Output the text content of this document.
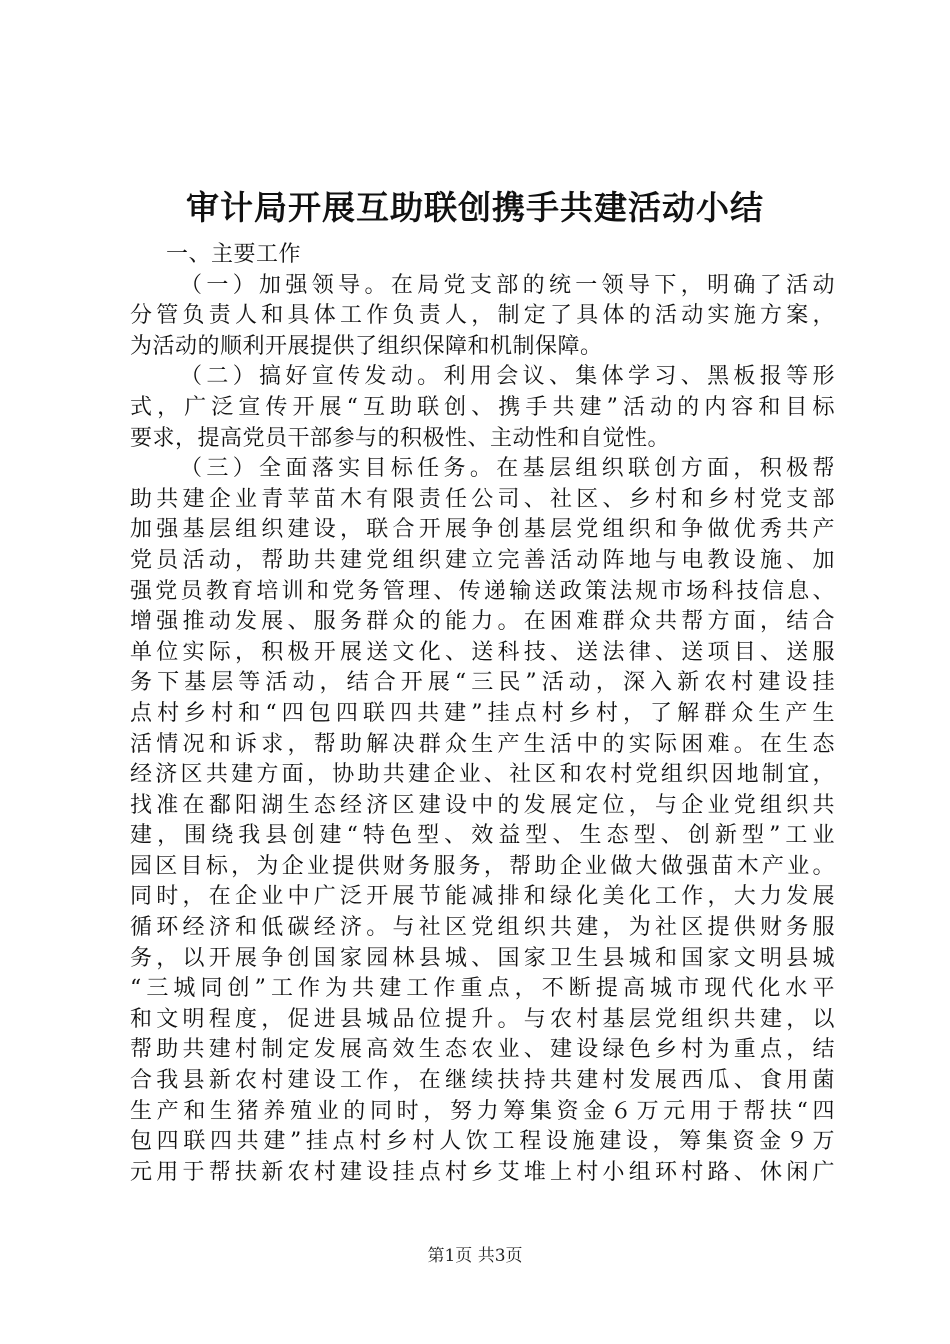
审计局开展互助联创携手共建活动小结
一、主要工作
（一）加强领导。在局党支部的统一领导下，明确了活动
分管负责人和具体工作负责人，制定了具体的活动实施方案，
为活动的顺利开展提供了组织保障和机制保障。
（二）搞好宣传发动。利用会议、集体学习、黑板报等形
式，广泛宣传开展“互助联创、携手共建”活动的内容和目标
要求，提高党员干部参与的积极性、主动性和自觉性。
（三）全面落实目标任务。在基层组织联创方面，积极帮
助共建企业青苹苗木有限责任公司、社区、乡村和乡村党支部
加强基层组织建设，联合开展争创基层党组织和争做优秀共产
党员活动，帮助共建党组织建立完善活动阵地与电教设施、加
强党员教育培训和党务管理、传递输送政策法规市场科技信息、
增强推动发展、服务群众的能力。在困难群众共帮方面，结合
单位实际，积极开展送文化、送科技、送法律、送项目、送服
务下基层等活动，结合开展“三民”活动，深入新农村建设挂
点村乡村和“四包四联四共建”挂点村乡村，了解群众生产生
活情况和诉求，帮助解决群众生产生活中的实际困难。在生态
经济区共建方面，协助共建企业、社区和农村党组织因地制宜，
找准在鄱阳湖生态经济区建设中的发展定位，与企业党组织共
建，围绕我县创建“特色型、效益型、生态型、创新型”工业
园区目标，为企业提供财务服务，帮助企业做大做强苗木产业。
同时，在企业中广泛开展节能减排和绿化美化工作，大力发展
循环经济和低碳经济。与社区党组织共建，为社区提供财务服
务，以开展争创国家园林县城、国家卫生县城和国家文明县城
“三城同创”工作为共建工作重点，不断提高城市现代化水平
和文明程度，促进县城品位提升。与农村基层党组织共建，以
帮助共建村制定发展高效生态农业、建设绿色乡村为重点，结
合我县新农村建设工作，在继续扶持共建村发展西瓜、食用菌
生产和生猪养殖业的同时，努力筹集资金６万元用于帮扶“四
包四联四共建”挂点村乡村人饮工程设施建设，筹集资金９万
元用于帮扶新农村建设挂点村乡艾堆上村小组环村路、休闲广
第1页 共3页
